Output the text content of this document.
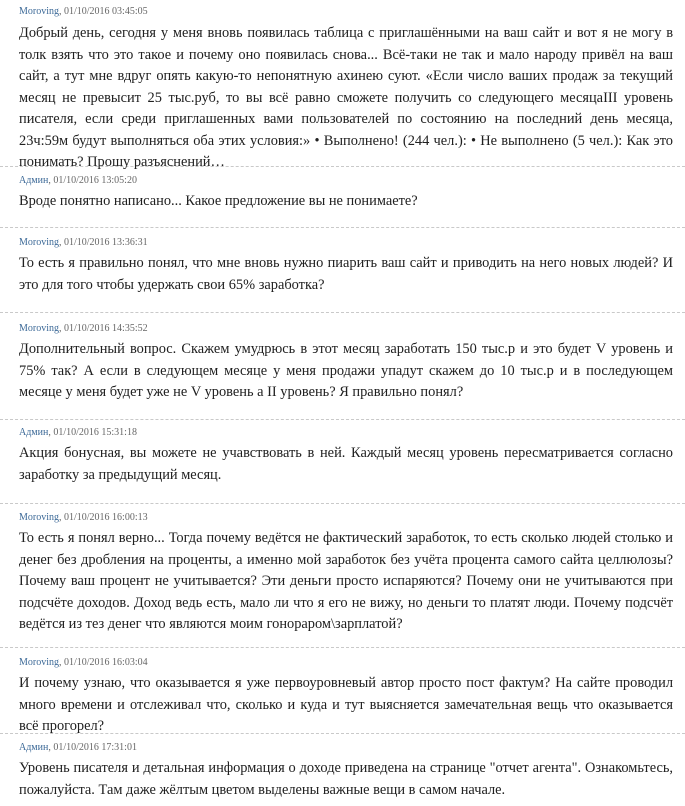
Moroving, 01/10/2016 03:45:05
Добрый день, сегодня у меня вновь появилась таблица с приглашёнными на ваш сайт и вот я не могу в толк взять что это такое и почему оно появилась снова... Всё-таки не так и мало народу привёл на ваш сайт, а тут мне вдруг опять какую-то непонятную ахинею суют. «Если число ваших продаж за текущий месяц не превысит 25 тыс.руб, то вы всё равно сможете получить со следующего месяцаIII уровень писателя, если среди приглашенных вами пользователей по состоянию на последний день месяца, 23ч:59м будут выполняться оба этих условия:» • Выполнено! (244 чел.): • Не выполнено (5 чел.): Как это понимать? Прошу разъяснений…
Админ, 01/10/2016 13:05:20
Вроде понятно написано... Какое предложение вы не понимаете?
Moroving, 01/10/2016 13:36:31
То есть я правильно понял, что мне вновь нужно пиарить ваш сайт и приводить на него новых людей? И это для того чтобы удержать свои 65% заработка?
Moroving, 01/10/2016 14:35:52
Дополнительный вопрос. Скажем умудрюсь в этот месяц заработать 150 тыс.р и это будет V уровень и 75% так? А если в следующем месяце у меня продажи упадут скажем до 10 тыс.р и в последующем месяце у меня будет уже не V уровень а II уровень? Я правильно понял?
Админ, 01/10/2016 15:31:18
Акция бонусная, вы можете не учавствовать в ней. Каждый месяц уровень пересматривается согласно заработку за предыдущий месяц.
Moroving, 01/10/2016 16:00:13
То есть я понял верно... Тогда почему ведётся не фактический заработок, то есть сколько людей столько и денег без дробления на проценты, а именно мой заработок без учёта процента самого сайта целлюлозы? Почему ваш процент не учитывается? Эти деньги просто испаряются? Почему они не учитываются при подсчёте доходов. Доход ведь есть, мало ли что я его не вижу, но деньги то платят люди. Почему подсчёт ведётся из тез денег что являются моим гонораром\зарплатой?
Moroving, 01/10/2016 16:03:04
И почему узнаю, что оказывается я уже первоуровневый автор просто пост фактум? На сайте проводил много времени и отслеживал что, сколько и куда и тут выясняется замечательная вещь что оказывается всё прогорел?
Админ, 01/10/2016 17:31:01
Уровень писателя и детальная информация о доходе приведена на странице "отчет агента". Ознакомьтесь, пожалуйста. Там даже жёлтым цветом выделены важные вещи в самом начале.
